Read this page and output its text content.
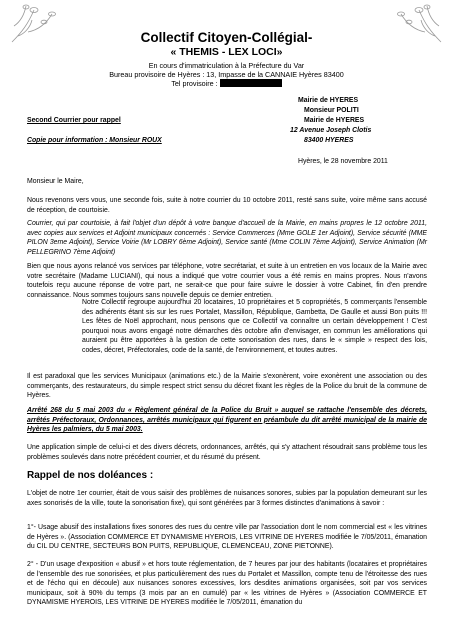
Collectif Citoyen-Collégial-
« THEMIS - LEX LOCI»
En cours d'immatriculation à la Préfecture du Var
Bureau provisoire de Hyères : 13, Impasse de la CANNAIE Hyères 83400
Tel provisoire :
Mairie de HYERES
Monsieur POLITI
Mairie de HYERES
12 Avenue Joseph Clotis
83400 HYERES
Second Courrier pour rappel
Copie pour information : Monsieur ROUX
Hyères, le 28 novembre 2011
Monsieur le Maire,
Nous revenons vers vous, une seconde fois, suite à notre courrier du 10 octobre 2011, resté sans suite, voire même sans accusé de réception, de courtoisie.
Courrier, qui par courtoisie, à fait l'objet d'un dépôt à votre banque d'accueil de la Mairie, en mains propres le 12 octobre 2011, avec copies aux services et Adjoint municipaux concernés : Service Commerces (Mme GOLE 1er Adjoint), Service sécurité (MME PILON 3eme Adjoint), Service Voirie (Mr LOBRY 6ème Adjoint), Service santé (Mme COLIN 7ème Adjoint), Service Animation (Mr PELLEGRINO 7ème Adjoint)
Bien que nous ayons relancé vos services par téléphone, votre secrétariat, et suite à un entretien en vos locaux de la Mairie avec votre secrétaire (Madame LUCIANI), qui nous a indiqué que votre courrier vous a été remis en mains propres. Nous n'avons toutefois reçu aucune réponse de votre part, ne serait-ce que pour faire suivre le dossier à votre Cabinet, fin d'en prendre connaissance. Nous sommes toujours sans nouvelle depuis ce dernier entretien.
Notre Collectif regroupe aujourd'hui 20 locataires, 10 propriétaires et 5 copropriétés, 5 commerçants l'ensemble des adhérents étant sis sur les rues Portalet, Massillon, République, Gambetta, De Gaulle et aussi Bon puits !!! Les fêtes de Noël approchant, nous pensons que ce Collectif va connaître un certain développement ! C'est pourquoi nous avons engagé notre démarches dès octobre afin d'envisager, en commun les améliorations qui auraient pu être apportées à la gestion de cette sonorisation des rues, dans le « simple » respect des lois, codes, décret, Préfectorales, code de la santé, de l'environnement, et toutes autres.
Il est paradoxal que les services Municipaux (animations etc.) de la Mairie s'exonèrent, voire exonèrent une association ou des commerçants, des restaurateurs, du simple respect strict sensu du décret fixant les règles de la Police du bruit de la commune de Hyères.
Arrêté 268 du 5 mai 2003 du « Règlement général de la Police du Bruit » auquel se rattache l'ensemble des décrets, arrêtés Préfectoraux, Ordonnances, arrêtés municipaux qui figurent en préambule du dit arrêté municipal de la mairie de Hyères les palmiers, du 5 mai 2003.
Une application simple de celui-ci et des divers décrets, ordonnances, arrêtés, qui s'y attachent résoudrait sans problème tous les problèmes soulevés dans notre précédent courrier, et du résumé du présent.
Rappel de nos doléances :
L'objet de notre 1er courrier, était de vous saisir des problèmes de nuisances sonores, subies par la population demeurant sur les axes sonorisés de la ville, toute la sonorisation fixe), qui sont générées par 3 formes distinctes d'animations à savoir :
1°- Usage abusif des installations fixes sonores des rues du centre ville par l'association dont le nom commercial est « les vitrines de Hyères ». (Association COMMERCE ET DYNAMISME HYEROIS, LES VITRINE DE HYERES modifiée le 7/05/2011, émanation du CIL DU CENTRE, SECTEURS BON PUITS, REPUBLIQUE, CLEMENCEAU, ZONE PIETONNE).
2° - D'un usage d'exposition « abusif » et hors toute réglementation, de 7 heures par jour des habitants (locataires et propriétaires de l'ensemble des rue sonorisées, et plus particulièrement des rues du Portalet et Massillon, compte tenu de l'étroitesse des rues et de l'écho qui en découle) aux nuisances sonores excessives, lors desdites animations organisées, soit par vos services municipaux, soit à 90% du temps (3 mois par an en cumulé) par « les vitrines de Hyères » (Association COMMERCE ET DYNAMISME HYEROIS, LES VITRINE DE HYERES modifiée le 7/05/2011, émanation du
